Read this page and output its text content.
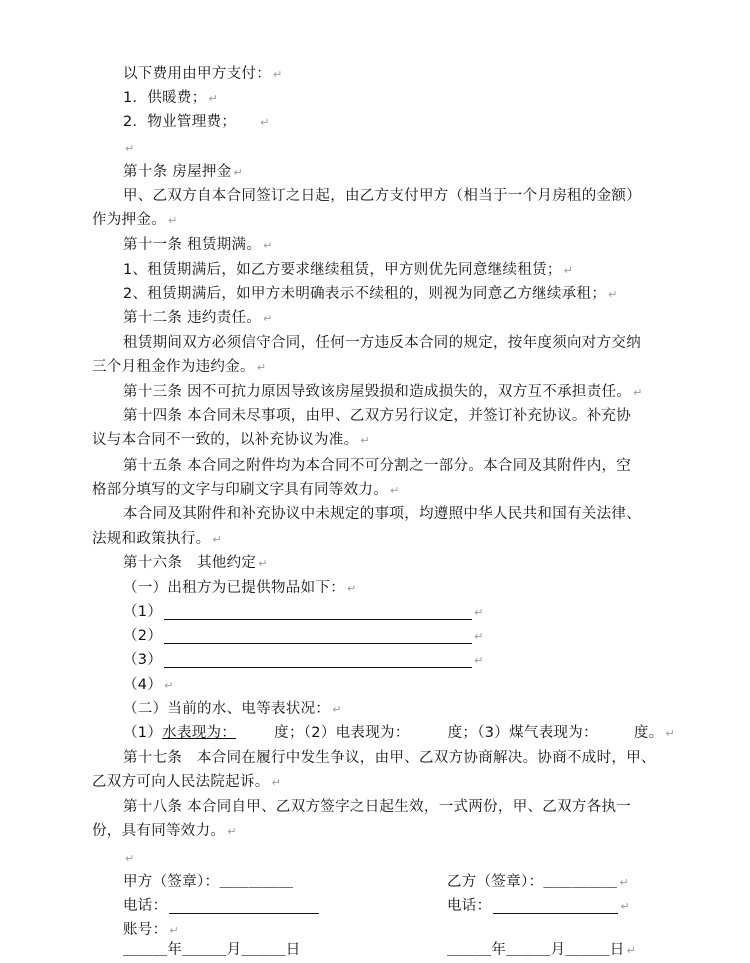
以下费用由甲方支付： ↵
1．供暖费； ↵
2．物业管理费； ↵
↵
第十条 房屋押金 ↵
甲、乙双方自本合同签订之日起，由乙方支付甲方（相当于一个月房租的金额）
作为押金。 ↵
第十一条 租赁期满。 ↵
1、租赁期满后，如乙方要求继续租赁，甲方则优先同意继续租赁； ↵
2、租赁期满后，如甲方未明确表示不续租的，则视为同意乙方继续承租； ↵
第十二条 违约责任。 ↵
租赁期间双方必须信守合同，任何一方违反本合同的规定，按年度须向对方交纳
三个月租金作为违约金。 ↵
第十三条 因不可抗力原因导致该房屋毁损和造成损失的，双方互不承担责任。 ↵
第十四条 本合同未尽事项，由甲、乙双方另行议定，并签订补充协议。补充协
议与本合同不一致的，以补充协议为准。 ↵
第十五条 本合同之附件均为本合同不可分割之一部分。本合同及其附件内，空
格部分填写的文字与印刷文字具有同等效力。 ↵
本合同及其附件和补充协议中未规定的事项，均遵照中华人民共和国有关法律、
法规和政策执行。 ↵
第十六条　其他约定 ↵
（一）出租方为已提供物品如下： ↵
（1）	↵
（2）	↵
（3）	↵
（4） ↵
（二）当前的水、电等表状况： ↵
（1）水表现为：	度；（2）电表现为：	度；（3）煤气表现为： 度。 ↵
第十七条　本合同在履行中发生争议，由甲、乙双方协商解决。协商不成时，甲、
乙双方可向人民法院起诉。 ↵
第十八条 本合同自甲、乙双方签字之日起生效，一式两份，甲、乙双方各执一
份，具有同等效力。 ↵
↵
甲方（签章）：＿＿＿＿＿	乙方（签章）：＿＿＿＿＿ ↵
电话：	电话：	↵
账号： ↵
＿＿＿年＿＿＿月＿＿＿日	＿＿＿年＿＿＿月＿＿＿日 ↵
